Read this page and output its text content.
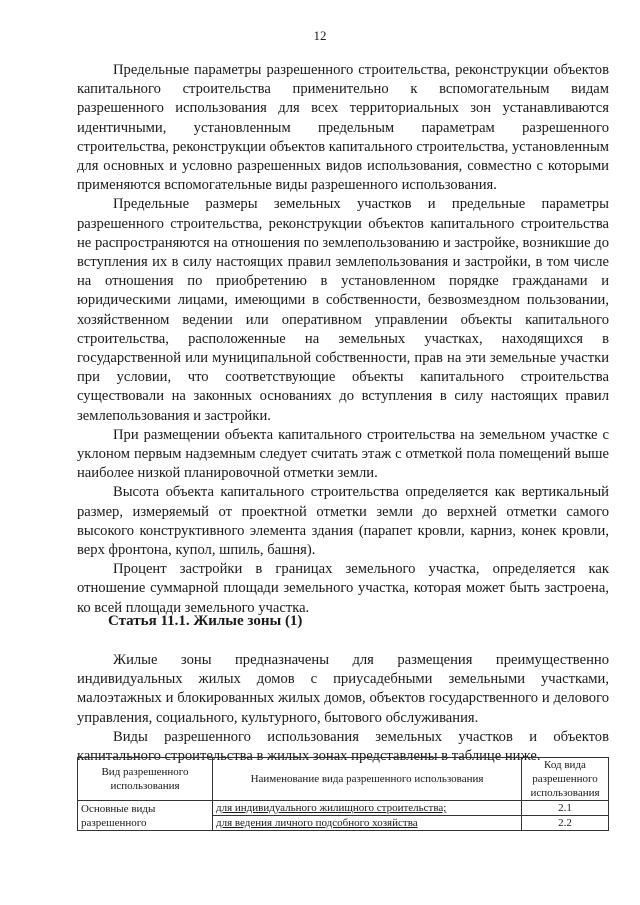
12

Предельные параметры разрешенного строительства, реконструкции объектов капитального строительства применительно к вспомогательным видам разрешенного использования для всех территориальных зон устанавливаются идентичными, установленным предельным параметрам разрешенного строительства, реконструкции объектов капитального строительства, установленным для основных и условно разрешенных видов использования, совместно с которыми применяются вспомогательные виды разрешенного использования.

Предельные размеры земельных участков и предельные параметры разрешенного строительства, реконструкции объектов капитального строительства не распространяются на отношения по землепользованию и застройке, возникшие до вступления их в силу настоящих правил землепользования и застройки, в том числе на отношения по приобретению в установленном порядке гражданами и юридическими лицами, имеющими в собственности, безвозмездном пользовании, хозяйственном ведении или оперативном управлении объекты капитального строительства, расположенные на земельных участках, находящихся в государственной или муниципальной собственности, прав на эти земельные участки при условии, что соответствующие объекты капитального строительства существовали на законных основаниях до вступления в силу настоящих правил землепользования и застройки.

При размещении объекта капитального строительства на земельном участке с уклоном первым надземным следует считать этаж с отметкой пола помещений выше наиболее низкой планировочной отметки земли.

Высота объекта капитального строительства определяется как вертикальный размер, измеряемый от проектной отметки земли до верхней отметки самого высокого конструктивного элемента здания (парапет кровли, карниз, конек кровли, верх фронтона, купол, шпиль, башня).

Процент застройки в границах земельного участка, определяется как отношение суммарной площади земельного участка, которая может быть застроена, ко всей площади земельного участка.

Статья 11.1. Жилые зоны (1)

Жилые зоны предназначены для размещения преимущественно индивидуальных жилых домов с приусадебными земельными участками, малоэтажных и блокированных жилых домов, объектов государственного и делового управления, социального, культурного, бытового обслуживания.

Виды разрешенного использования земельных участков и объектов капитального строительства в жилых зонах представлены в таблице ниже.

Вид разрешенного использования	Наименование вида разрешенного использования	Код вида разрешенного использования
Основные виды разрешенного	для индивидуального жилищного строительства;	2.1
	для ведения личного подсобного хозяйства	2.2
